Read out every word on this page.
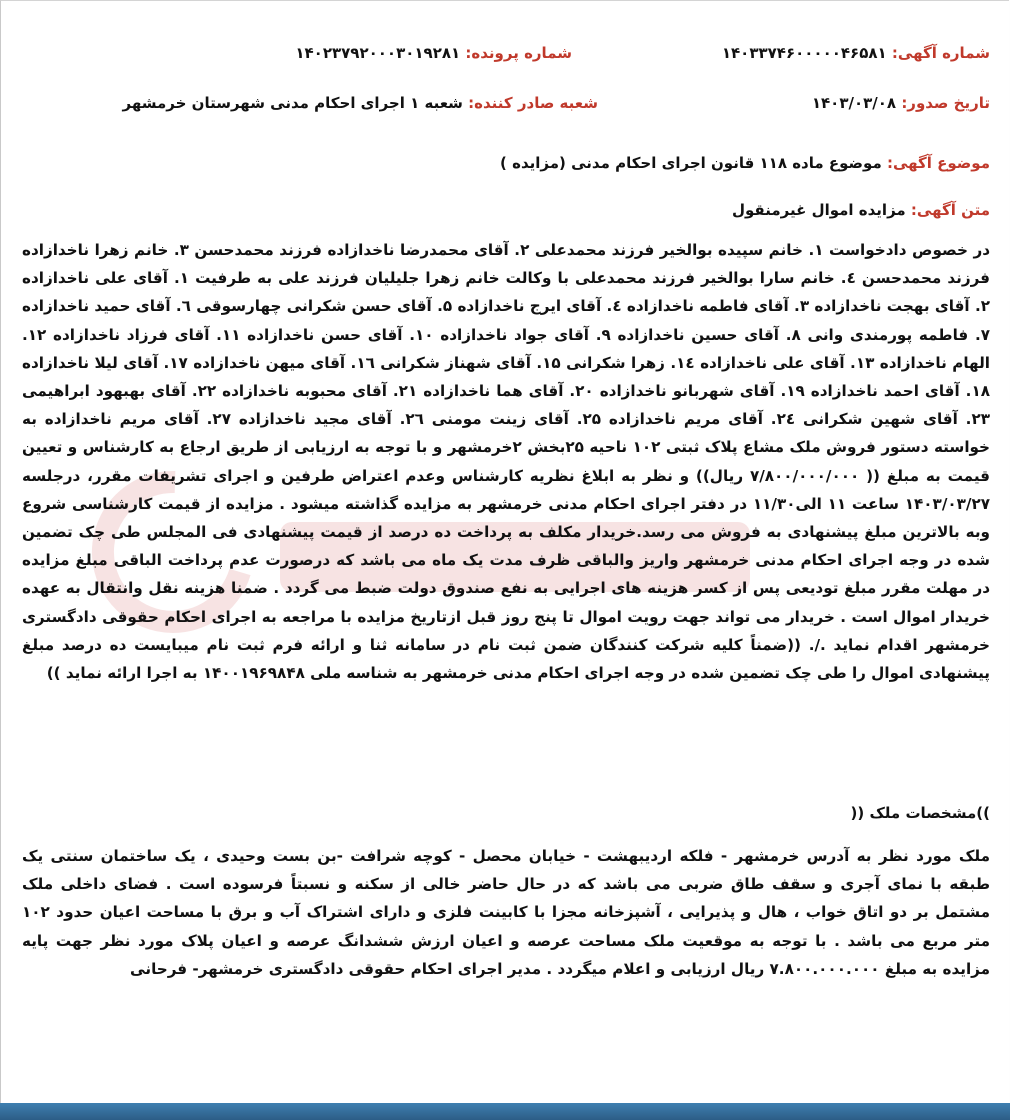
شماره آگهی: ۱۴۰۳۳۷۴۶۰۰۰۰۰۴۶۵۸۱
شماره پرونده: ۱۴۰۲۳۷۹۲۰۰۰۳۰۱۹۲۸۱
تاریخ صدور: ۱۴۰۳/۰۳/۰۸
شعبه صادر کننده: شعبه ۱ اجرای احکام مدنی شهرستان خرمشهر
موضوع آگهی: موضوع ماده ۱۱۸ قانون اجرای احکام مدنی (مزایده )
متن آگهی: مزایده اموال غیرمنقول
در خصوص دادخواست ۱. خانم سپیده بوالخیر فرزند محمدعلی ۲. آقای محمدرضا ناخدازاده فرزند محمدحسن ۳. خانم زهرا ناخدازاده فرزند محمدحسن ٤. خانم سارا بوالخیر فرزند محمدعلی با وکالت خانم زهرا جلیلیان فرزند علی به طرفیت ۱. آقای علی ناخدازاده ۲. آقای بهجت ناخدازاده ۳. آقای فاطمه ناخدازاده ٤. آقای ایرج ناخدازاده ۵. آقای حسن شکرانی چهارسوقی ٦. آقای حمید ناخدازاده ۷. فاطمه پورمندی وانی ۸. آقای حسین ناخدازاده ۹. آقای جواد ناخدازاده ۱۰. آقای حسن ناخدازاده ۱۱. آقای فرزاد ناخدازاده ۱۲. الهام ناخدازاده ۱۳. آقای علی ناخدازاده ۱٤. زهرا شکرانی ۱۵. آقای شهناز شکرانی ۱٦. آقای میهن ناخدازاده ۱۷. آقای لیلا ناخدازاده ۱۸. آقای احمد ناخدازاده ۱۹. آقای شهربانو ناخدازاده ۲۰. آقای هما ناخدازاده ۲۱. آقای محبوبه ناخدازاده ۲۲. آقای بهبهود ابراهیمی ۲۳. آقای شهین شکرانی ۲٤. آقای مریم ناخدازاده ۲۵. آقای زینت مومنی ۲٦. آقای مجید ناخدازاده ۲۷. آقای مریم ناخدازاده به خواسته دستور فروش ملک مشاع پلاک ثبتی ۱۰۲ ناحیه ۲۵بخش ۲خرمشهر و با توجه به ارزیابی از طریق ارجاع به کارشناس و تعیین قیمت به مبلغ (( ۷/۸۰۰/۰۰۰/۰۰۰ ریال)) و نظر به ابلاغ نظریه کارشناس وعدم اعتراض طرفین و اجرای تشریفات مقرر، درجلسه ۱۴۰۳/۰۳/۲۷ ساعت ۱۱ الی۱۱/۳۰ در دفتر اجرای احکام مدنی خرمشهر به مزایده گذاشته میشود . مزایده از قیمت کارشناسی شروع وبه بالاترین مبلغ پیشنهادی به فروش می رسد.خریدار مکلف به پرداخت ده درصد از قیمت پیشنهادی فی المجلس طی چک تضمین شده در وجه اجرای احکام مدنی خرمشهر واریز والباقی ظرف مدت یک ماه می باشد که درصورت عدم پرداخت الباقی مبلغ مزایده در مهلت مقرر مبلغ تودیعی پس از کسر هزینه های اجرایی به نفع صندوق دولت ضبط می گردد . ضمنا هزینه نقل وانتقال به عهده خریدار اموال است . خریدار می تواند جهت رویت اموال تا پنج روز قبل ازتاریخ مزایده با مراجعه به اجرای احکام حقوقی دادگستری خرمشهر اقدام نماید ./. ((ضمناً کلیه شرکت کنندگان ضمن ثبت نام در سامانه ثنا و ارائه فرم ثبت نام میبایست ده درصد مبلغ پیشنهادی اموال را طی چک تضمین شده در وجه اجرای احکام مدنی خرمشهر به شناسه ملی ۱۴۰۰۱۹۶۹۸۴۸ به اجرا ارائه نماید ))
))مشخصات ملک ((
ملک مورد نظر به آدرس خرمشهر - فلکه اردیبهشت - خیابان محصل - کوچه شرافت -بن بست وحیدی ، یک ساختمان سنتی یک طبقه با نمای آجری و سقف طاق ضربی می باشد که در حال حاضر خالی از سکنه و نسبتاً فرسوده است . فضای داخلی ملک مشتمل بر دو اتاق خواب ، هال و پذیرایی ، آشپزخانه مجزا با کابینت فلزی و دارای اشتراک آب و برق با مساحت اعیان حدود ۱۰۲ متر مربع می باشد . با توجه به موقعیت ملک مساحت عرصه و اعیان ارزش ششدانگ عرصه و اعیان پلاک مورد نظر جهت پایه مزایده به مبلغ ۷.۸۰۰.۰۰۰.۰۰۰ ریال ارزیابی و اعلام میگردد . مدیر اجرای احکام حقوقی دادگستری خرمشهر- فرحانی
